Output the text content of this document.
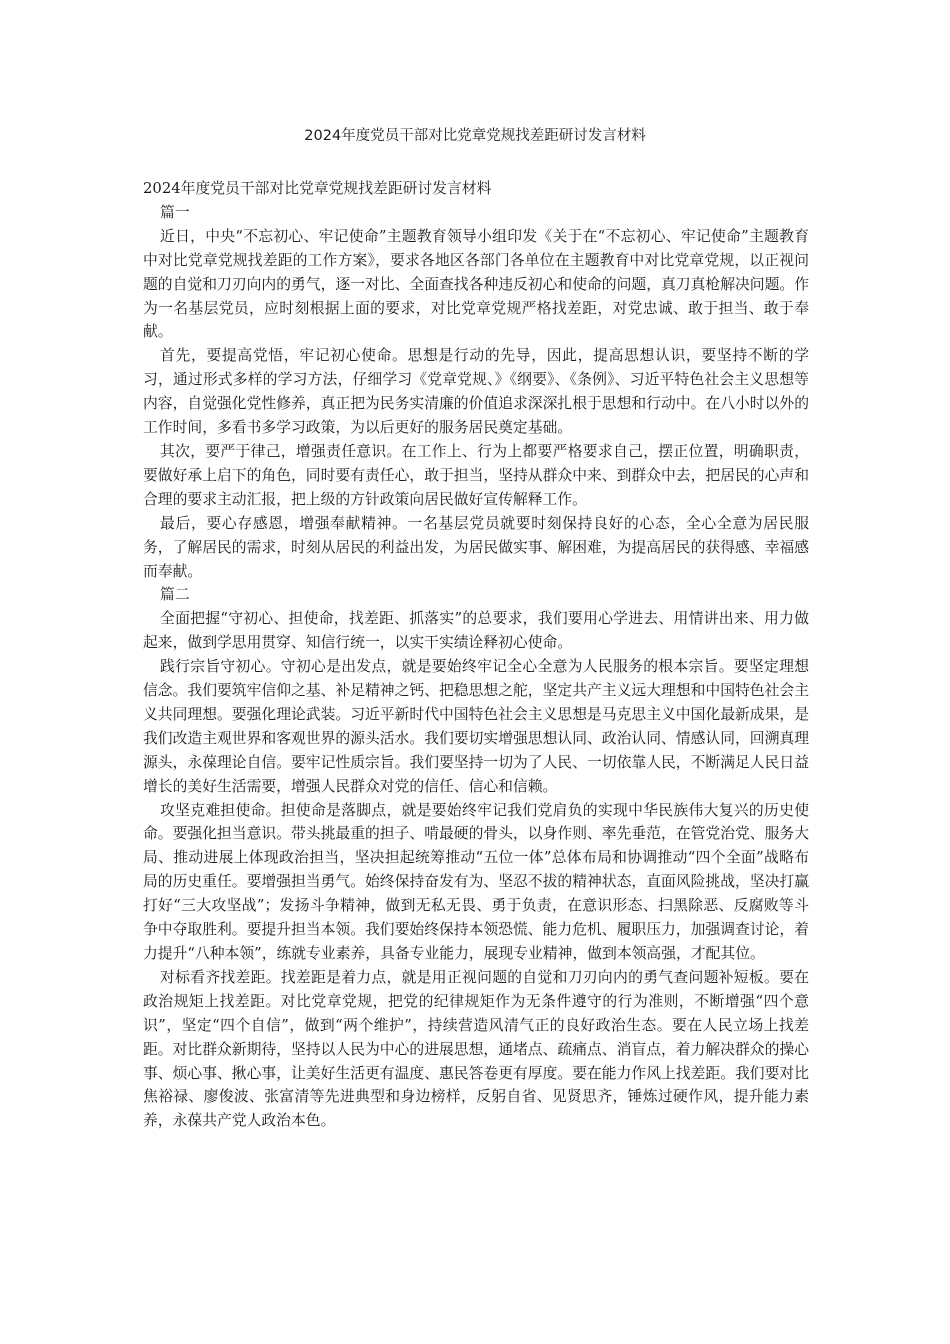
2024年度党员干部对比党章党规找差距研讨发言材料

2024年度党员干部对比党章党规找差距研讨发言材料

篇一

近日，中央“不忘初心、牢记使命”主题教育领导小组印发《关于在“不忘初心、牢记使命”主题教育中对比党章党规找差距的工作方案》，要求各地区各部门各单位在主题教育中对比党章党规，以正视问题的自觉和刀刃向内的勇气，逐一对比、全面查找各种违反初心和使命的问题，真刀真枪解决问题。作为一名基层党员，应时刻根据上面的要求，对比党章党规严格找差距，对党忠诚、敢于担当、敢于奉献。

首先，要提高党悟，牢记初心使命。思想是行动的先导，因此，提高思想认识，要坚持不断的学习，通过形式多样的学习方法，仔细学习《党章党规、》《纲要》、《条例》、习近平特色社会主义思想等内容，自觉强化党性修养，真正把为民务实清廉的价值追求深深扎根于思想和行动中。在八小时以外的工作时间，多看书多学习政策，为以后更好的服务居民奠定基础。

其次，要严于律己，增强责任意识。在工作上、行为上都要严格要求自己，摆正位置，明确职责，要做好承上启下的角色，同时要有责任心，敢于担当，坚持从群众中来、到群众中去，把居民的心声和合理的要求主动汇报，把上级的方针政策向居民做好宣传解释工作。

最后，要心存感恩，增强奉献精神。一名基层党员就要时刻保持良好的心态，全心全意为居民服务，了解居民的需求，时刻从居民的利益出发，为居民做实事、解困难，为提高居民的获得感、幸福感而奉献。

篇二

全面把握“守初心、担使命，找差距、抓落实”的总要求，我们要用心学进去、用情讲出来、用力做起来，做到学思用贯穿、知信行统一，以实干实绩诠释初心使命。

践行宗旨守初心。守初心是出发点，就是要始终牢记全心全意为人民服务的根本宗旨。要坚定理想信念。我们要筑牢信仰之基、补足精神之钙、把稳思想之舵，坚定共产主义远大理想和中国特色社会主义共同理想。要强化理论武装。习近平新时代中国特色社会主义思想是马克思主义中国化最新成果，是我们改造主观世界和客观世界的源头活水。我们要切实增强思想认同、政治认同、情感认同，回溯真理源头，永葆理论自信。要牢记性质宗旨。我们要坚持一切为了人民、一切依靠人民，不断满足人民日益增长的美好生活需要，增强人民群众对党的信任、信心和信赖。

攻坚克难担使命。担使命是落脚点，就是要始终牢记我们党肩负的实现中华民族伟大复兴的历史使命。要强化担当意识。带头挑最重的担子、啃最硬的骨头，以身作则、率先垂范，在管党治党、服务大局、推动进展上体现政治担当，坚决担起统筹推动“五位一体”总体布局和协调推动“四个全面”战略布局的历史重任。要增强担当勇气。始终保持奋发有为、坚忍不拔的精神状态，直面风险挑战，坚决打赢打好“三大攻坚战”；发扬斗争精神，做到无私无畏、勇于负责，在意识形态、扫黑除恶、反腐败等斗争中夺取胜利。要提升担当本领。我们要始终保持本领恐慌、能力危机、履职压力，加强调查讨论，着力提升“八种本领”，练就专业素养，具备专业能力，展现专业精神，做到本领高强，才配其位。

对标看齐找差距。找差距是着力点，就是用正视问题的自觉和刀刃向内的勇气查问题补短板。要在政治规矩上找差距。对比党章党规，把党的纪律规矩作为无条件遵守的行为准则，不断增强“四个意识”，坚定“四个自信”，做到“两个维护”，持续营造风清气正的良好政治生态。要在人民立场上找差距。对比群众新期待，坚持以人民为中心的进展思想，通堵点、疏痛点、消盲点，着力解决群众的操心事、烦心事、揪心事，让美好生活更有温度、惠民答卷更有厚度。要在能力作风上找差距。我们要对比焦裕禄、廖俊波、张富清等先进典型和身边榜样，反躬自省、见贤思齐，锤炼过硬作风，提升能力素养，永葆共产党人政治本色。
